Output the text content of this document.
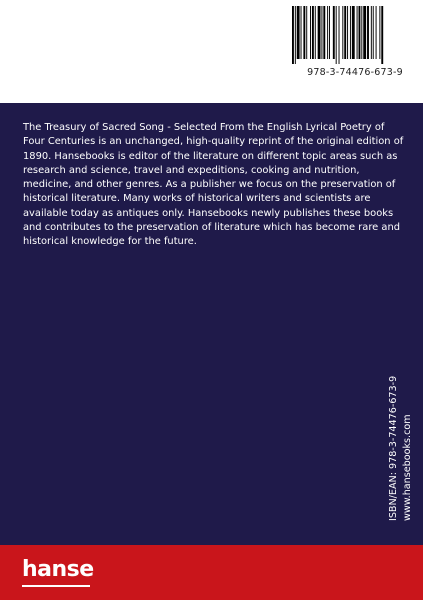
978-3-74476-673-9

The Treasury of Sacred Song - Selected From the English Lyrical Poetry of Four Centuries is an unchanged, high-quality reprint of the original edition of 1890. Hansebooks is editor of the literature on different topic areas such as research and science, travel and expeditions, cooking and nutrition, medicine, and other genres. As a publisher we focus on the preservation of historical literature. Many works of historical writers and scientists are available today as antiques only. Hansebooks newly publishes these books and contributes to the preservation of literature which has become rare and historical knowledge for the future.

ISBN/EAN: 978-3-74476-673-9 www.hansebooks.com
hanse
